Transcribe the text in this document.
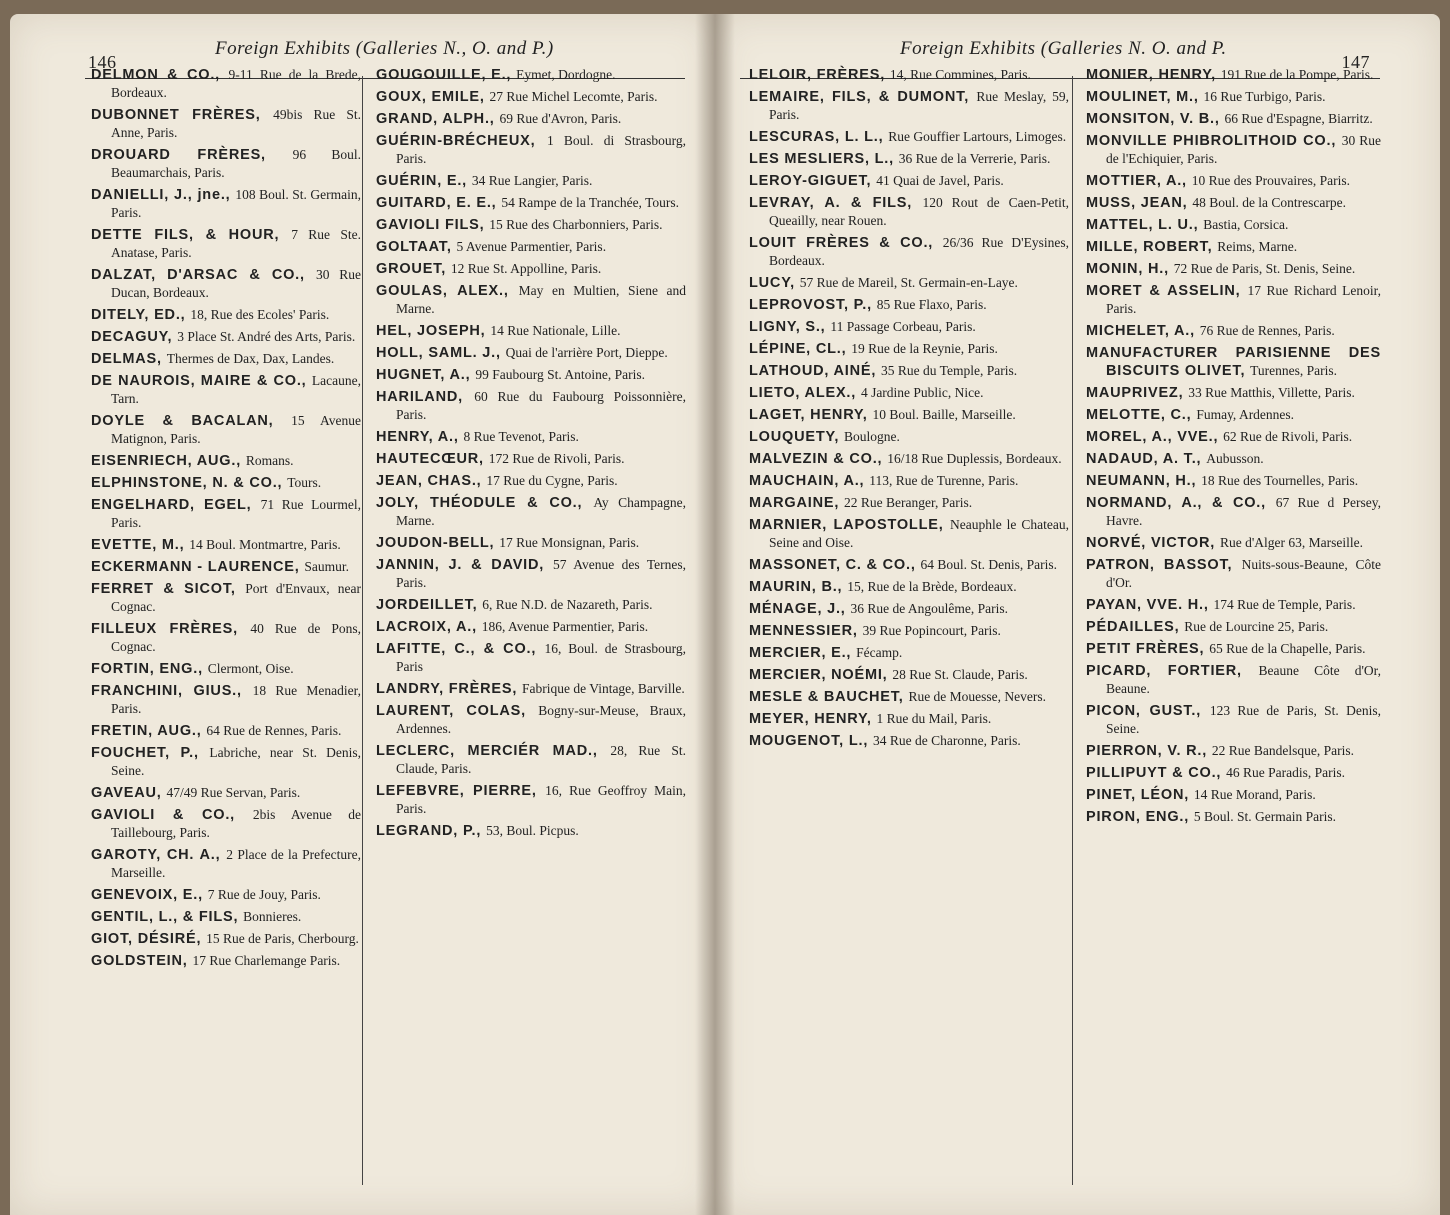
146
Foreign Exhibits (Galleries N., O. and P.)
DELMON & CO., 9-11 Rue de la Brede, Bordeaux.
DUBONNET FRÈRES, 49bis Rue St. Anne, Paris.
DROUARD FRÈRES, 96 Boul. Beaumarchais, Paris.
DANIELLI, J., jne., 108 Boul. St. Germain, Paris.
DETTE FILS, & HOUR, 7 Rue Ste. Anatase, Paris.
DALZAT, D'ARSAC & CO., 30 Rue Ducan, Bordeaux.
DITELY, ED., 18, Rue des Ecoles' Paris.
DECAGUY, 3 Place St. André des Arts, Paris.
DELMAS, Thermes de Dax, Dax, Landes.
DE NAUROIS, MAIRE & CO., Lacaune, Tarn.
DOYLE & BACALAN, 15 Avenue Matignon, Paris.
EISENRIECH, AUG., Romans.
ELPHINSTONE, N. & CO., Tours.
ENGELHARD, EGEL, 71 Rue Lourmel, Paris.
EVETTE, M., 14 Boul. Montmartre, Paris.
ECKERMANN - LAURENCE, Saumur.
FERRET & SICOT, Port d'Envaux, near Cognac.
FILLEUX FRÈRES, 40 Rue de Pons, Cognac.
FORTIN, ENG., Clermont, Oise.
FRANCHINI, GIUS., 18 Rue Menadier, Paris.
FRETIN, AUG., 64 Rue de Rennes, Paris.
FOUCHET, P., Labriche, near St. Denis, Seine.
GAVEAU, 47/49 Rue Servan, Paris.
GAVIOLI & CO., 2bis Avenue de Taillebourg, Paris.
GAROTY, CH. A., 2 Place de la Prefecture, Marseille.
GENEVOIX, E., 7 Rue de Jouy, Paris.
GENTIL, L., & FILS, Bonnieres.
GIOT, DÉSIRÉ, 15 Rue de Paris, Cherbourg.
GOLDSTEIN, 17 Rue Charlemange Paris.
GOUGOUILLE, E., Eymet, Dordogne.
GOUX, EMILE, 27 Rue Michel Lecomte, Paris.
GRAND, ALPH., 69 Rue d'Avron, Paris.
GUÉRIN-BRÉCHEUX, 1 Boul. di Strasbourg, Paris.
GUÉRIN, E., 34 Rue Langier, Paris.
GUITARD, E. E., 54 Rampe de la Tranchée, Tours.
GAVIOLI FILS, 15 Rue des Charbonniers, Paris.
GOLTAAT, 5 Avenue Parmentier, Paris.
GROUET, 12 Rue St. Appolline, Paris.
GOULAS, ALEX., May en Multien, Siene and Marne.
HEL, JOSEPH, 14 Rue Nationale, Lille.
HOLL, SAML. J., Quai de l'arrière Port, Dieppe.
HUGNET, A., 99 Faubourg St. Antoine, Paris.
HARILAND, 60 Rue du Faubourg Poissonnière, Paris.
HENRY, A., 8 Rue Tevenot, Paris.
HAUTECŒUR, 172 Rue de Rivoli, Paris.
JEAN, CHAS., 17 Rue du Cygne, Paris.
JOLY, THÉODULE & CO., Ay Champagne, Marne.
JOUDON-BELL, 17 Rue Monsignan, Paris.
JANNIN, J. & DAVID, 57 Avenue des Ternes, Paris.
JORDEILLET, 6, Rue N.D. de Nazareth, Paris.
LACROIX, A., 186, Avenue Parmentier, Paris.
LAFITTE, C., & CO., 16, Boul. de Strasbourg, Paris
LANDRY, FRÈRES, Fabrique de Vintage, Barville.
LAURENT, COLAS, Bogny-sur-Meuse, Braux, Ardennes.
LECLERC, MERCIÉR MAD., 28, Rue St. Claude, Paris.
LEFEBVRE, PIERRE, 16, Rue Geoffroy Main, Paris.
LEGRAND, P., 53, Boul. Picpus.
Foreign Exhibits (Galleries N. O. and P.
147
LELOIR, FRÈRES, 14, Rue Commines, Paris.
LEMAIRE, FILS, & DUMONT, Rue Meslay, 59, Paris.
LESCURAS, L. L., Rue Gouffier Lartours, Limoges.
LES MESLIERS, L., 36 Rue de la Verrerie, Paris.
LEROY-GIGUET, 41 Quai de Javel, Paris.
LEVRAY, A. & FILS, 120 Rout de Caen-Petit, Queailly, near Rouen.
LOUIT FRÈRES & CO., 26/36 Rue D'Eysines, Bordeaux.
LUCY, 57 Rue de Mareil, St. Germain-en-Laye.
LEPROVOST, P., 85 Rue Flaxo, Paris.
LIGNY, S., 11 Passage Corbeau, Paris.
LÉPINE, CL., 19 Rue de la Reynie, Paris.
LATHOUD, AINÉ, 35 Rue du Temple, Paris.
LIETO, ALEX., 4 Jardine Public, Nice.
LAGET, HENRY, 10 Boul. Baille, Marseille.
LOUQUETY, Boulogne.
MALVEZIN & CO., 16/18 Rue Duplessis, Bordeaux.
MAUCHAIN, A., 113, Rue de Turenne, Paris.
MARGAINE, 22 Rue Beranger, Paris.
MARNIER, LAPOSTOLLE, Neauphle le Chateau, Seine and Oise.
MASSONET, C. & CO., 64 Boul. St. Denis, Paris.
MAURIN, B., 15, Rue de la Brède, Bordeaux.
MÉNAGE, J., 36 Rue de Angoulême, Paris.
MENNESSIER, 39 Rue Popincourt, Paris.
MERCIER, E., Fécamp.
MERCIER, NOÉMI, 28 Rue St. Claude, Paris.
MESLE & BAUCHET, Rue de Mouesse, Nevers.
MEYER, HENRY, 1 Rue du Mail, Paris.
MOUGENOT, L., 34 Rue de Charonne, Paris.
MONIER, HENRY, 191 Rue de la Pompe, Paris.
MOULINET, M., 16 Rue Turbigo, Paris.
MONSITON, V. B., 66 Rue d'Espagne, Biarritz.
MONVILLE PHIBROLITHOID CO., 30 Rue de l'Echiquier, Paris.
MOTTIER, A., 10 Rue des Prouvaires, Paris.
MUSS, JEAN, 48 Boul. de la Contrescarpe.
MATTEL, L. U., Bastia, Corsica.
MILLE, ROBERT, Reims, Marne.
MONIN, H., 72 Rue de Paris, St. Denis, Seine.
MORET & ASSELIN, 17 Rue Richard Lenoir, Paris.
MICHELET, A., 76 Rue de Rennes, Paris.
MANUFACTURER PARISIENNE DES BISCUITS OLIVET, Turennes, Paris.
MAUPRIVEZ, 33 Rue Matthis, Villette, Paris.
MELOTTE, C., Fumay, Ardennes.
MOREL, A., VVE., 62 Rue de Rivoli, Paris.
NADAUD, A. T., Aubusson.
NEUMANN, H., 18 Rue des Tournelles, Paris.
NORMAND, A., & CO., 67 Rue d Persey, Havre.
NORVÉ, VICTOR, Rue d'Alger 63, Marseille.
PATRON, BASSOT, Nuits-sous-Beaune, Côte d'Or.
PAYAN, VVE. H., 174 Rue de Temple, Paris.
PÉDAILLES, Rue de Lourcine 25, Paris.
PETIT FRÈRES, 65 Rue de la Chapelle, Paris.
PICARD, FORTIER, Beaune Côte d'Or, Beaune.
PICON, GUST., 123 Rue de Paris, St. Denis, Seine.
PIERRON, V. R., 22 Rue Bandelsque, Paris.
PILLIPUYT & CO., 46 Rue Paradis, Paris.
PINET, LÉON, 14 Rue Morand, Paris.
PIRON, ENG., 5 Boul. St. Germain Paris.
